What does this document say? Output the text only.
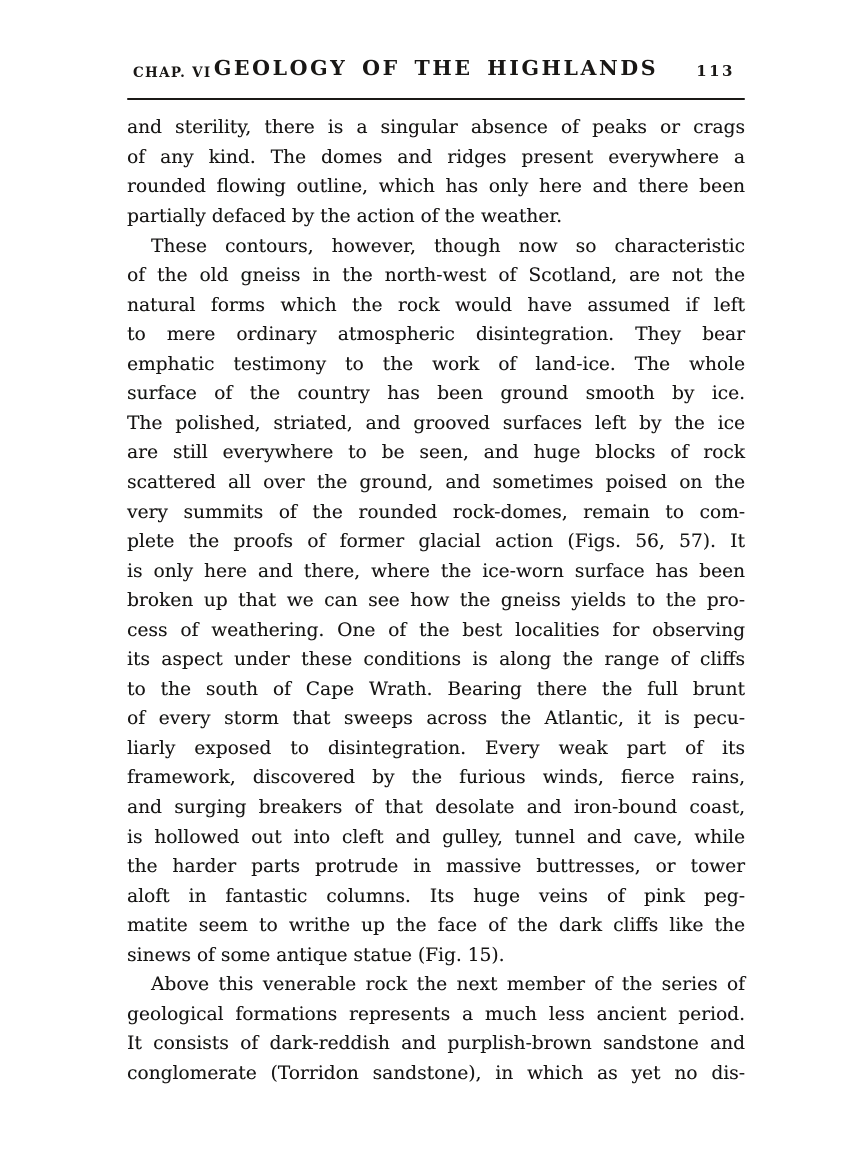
CHAP. VI GEOLOGY OF THE HIGHLANDS	113
and sterility, there is a singular absence of peaks or crags
of any kind. The domes and ridges present everywhere a
rounded flowing outline, which has only here and there been
partially defaced by the action of the weather.
These contours, however, though now so characteristic
of the old gneiss in the north-west of Scotland, are not the
natural forms which the rock would have assumed if left
to mere ordinary atmospheric disintegration. They bear
emphatic testimony to the work of land-ice. The whole
surface of the country has been ground smooth by ice.
The polished, striated, and grooved surfaces left by the ice
are still everywhere to be seen, and huge blocks of rock
scattered all over the ground, and sometimes poised on the
very summits of the rounded rock-domes, remain to com-
plete the proofs of former glacial action (Figs. 56, 57). It
is only here and there, where the ice-worn surface has been
broken up that we can see how the gneiss yields to the pro-
cess of weathering. One of the best localities for observing
its aspect under these conditions is along the range of cliffs
to the south of Cape Wrath. Bearing there the full brunt
of every storm that sweeps across the Atlantic, it is pecu-
liarly exposed to disintegration. Every weak part of its
framework, discovered by the furious winds, fierce rains,
and surging breakers of that desolate and iron-bound coast,
is hollowed out into cleft and gulley, tunnel and cave, while
the harder parts protrude in massive buttresses, or tower
aloft in fantastic columns. Its huge veins of pink peg-
matite seem to writhe up the face of the dark cliffs like the
sinews of some antique statue (Fig. 15).
Above this venerable rock the next member of the series of
geological formations represents a much less ancient period.
It consists of dark-reddish and purplish-brown sandstone and
conglomerate (Torridon sandstone), in which as yet no dis-
